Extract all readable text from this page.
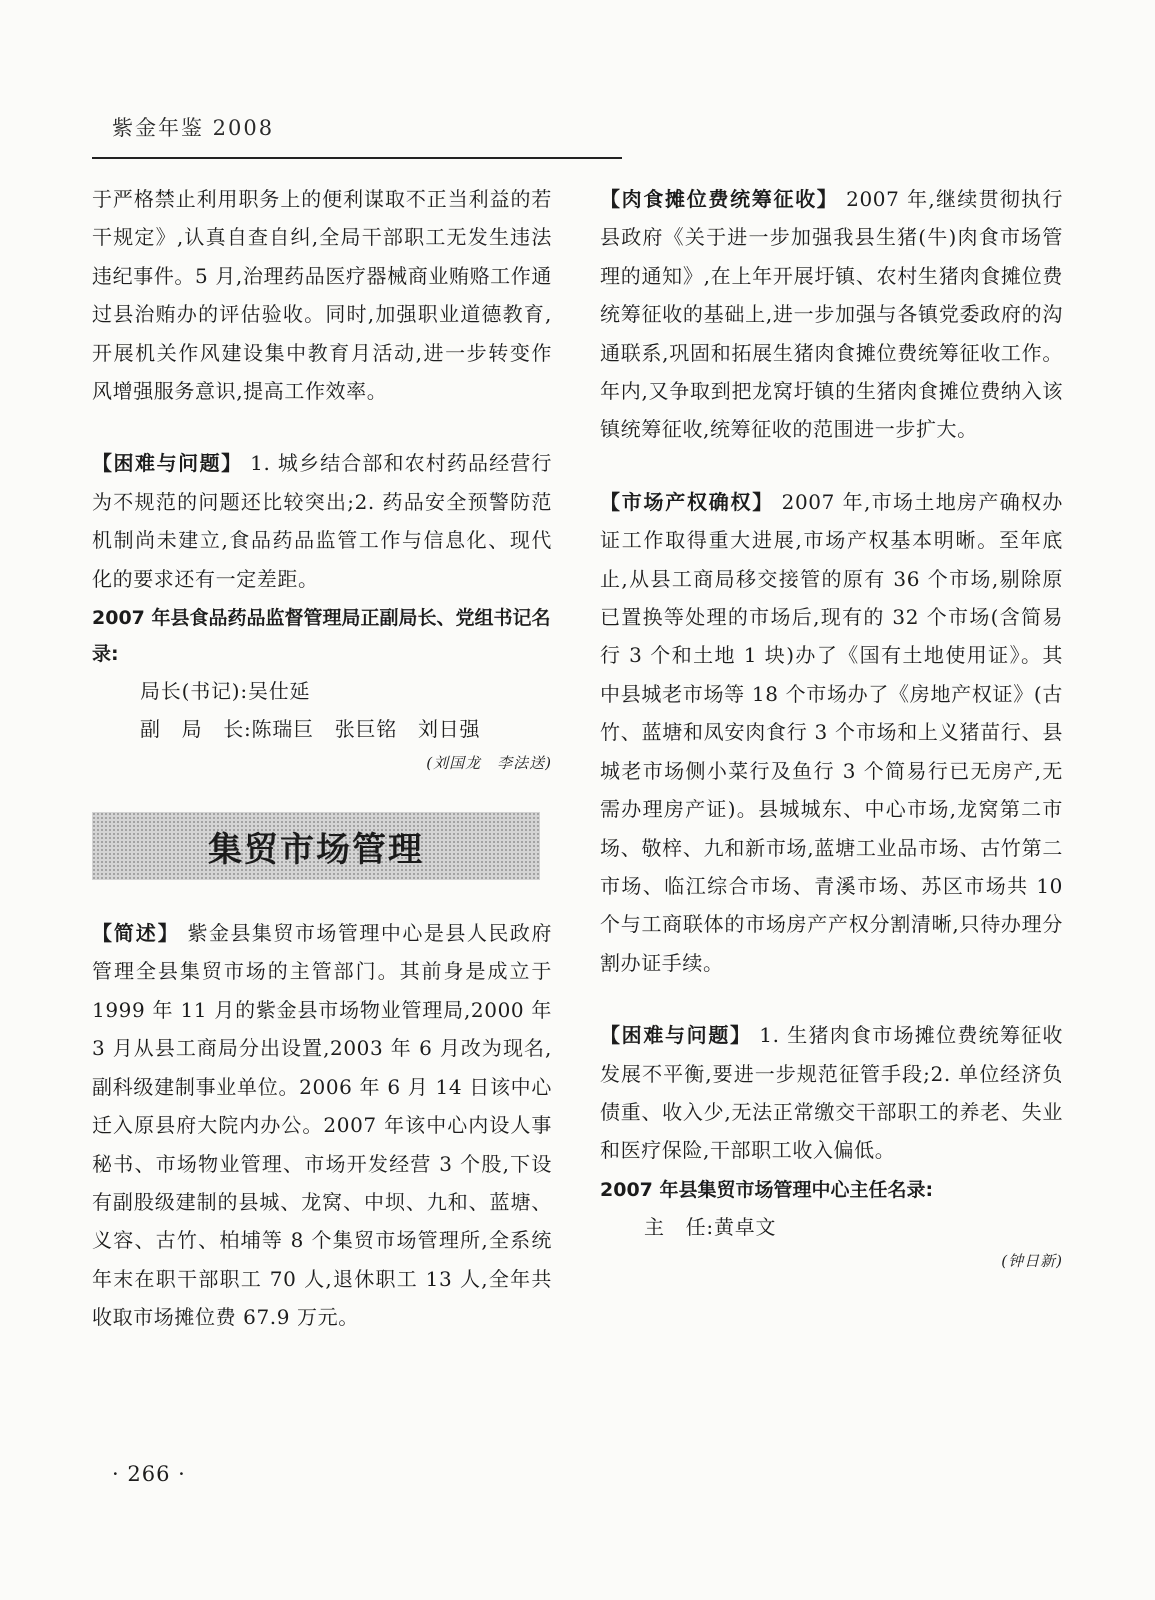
紫金年鉴 2008

于严格禁止利用职务上的便利谋取不正当利益的若干规定》,认真自查自纠,全局干部职工无发生违法违纪事件。5 月,治理药品医疗器械商业贿赂工作通过县治贿办的评估验收。同时,加强职业道德教育,开展机关作风建设集中教育月活动,进一步转变作风增强服务意识,提高工作效率。

【困难与问题】 1. 城乡结合部和农村药品经营行为不规范的问题还比较突出;2. 药品安全预警防范机制尚未建立,食品药品监管工作与信息化、现代化的要求还有一定差距。

2007 年县食品药品监督管理局正副局长、党组书记名录:

局长(书记):吴仕延

副　局　长:陈瑞巨　张巨铭　刘日强

(刘国龙　李法送)

集贸市场管理

【简述】 紫金县集贸市场管理中心是县人民政府管理全县集贸市场的主管部门。其前身是成立于 1999 年 11 月的紫金县市场物业管理局,2000 年 3 月从县工商局分出设置,2003 年 6 月改为现名,副科级建制事业单位。2006 年 6 月 14 日该中心迁入原县府大院内办公。2007 年该中心内设人事秘书、市场物业管理、市场开发经营 3 个股,下设有副股级建制的县城、龙窝、中坝、九和、蓝塘、义容、古竹、柏埔等 8 个集贸市场管理所,全系统年末在职干部职工 70 人,退休职工 13 人,全年共收取市场摊位费 67.9 万元。

【肉食摊位费统筹征收】 2007 年,继续贯彻执行县政府《关于进一步加强我县生猪(牛)肉食市场管理的通知》,在上年开展圩镇、农村生猪肉食摊位费统筹征收的基础上,进一步加强与各镇党委政府的沟通联系,巩固和拓展生猪肉食摊位费统筹征收工作。年内,又争取到把龙窝圩镇的生猪肉食摊位费纳入该镇统筹征收,统筹征收的范围进一步扩大。

【市场产权确权】 2007 年,市场土地房产确权办证工作取得重大进展,市场产权基本明晰。至年底止,从县工商局移交接管的原有 36 个市场,剔除原已置换等处理的市场后,现有的 32 个市场(含简易行 3 个和土地 1 块)办了《国有土地使用证》。其中县城老市场等 18 个市场办了《房地产权证》(古竹、蓝塘和凤安肉食行 3 个市场和上义猪苗行、县城老市场侧小菜行及鱼行 3 个简易行已无房产,无需办理房产证)。县城城东、中心市场,龙窝第二市场、敬梓、九和新市场,蓝塘工业品市场、古竹第二市场、临江综合市场、青溪市场、苏区市场共 10 个与工商联体的市场房产产权分割清晰,只待办理分割办证手续。

【困难与问题】 1. 生猪肉食市场摊位费统筹征收发展不平衡,要进一步规范征管手段;2. 单位经济负债重、收入少,无法正常缴交干部职工的养老、失业和医疗保险,干部职工收入偏低。

2007 年县集贸市场管理中心主任名录:

主　任:黄卓文

(钟日新)

· 266 ·
